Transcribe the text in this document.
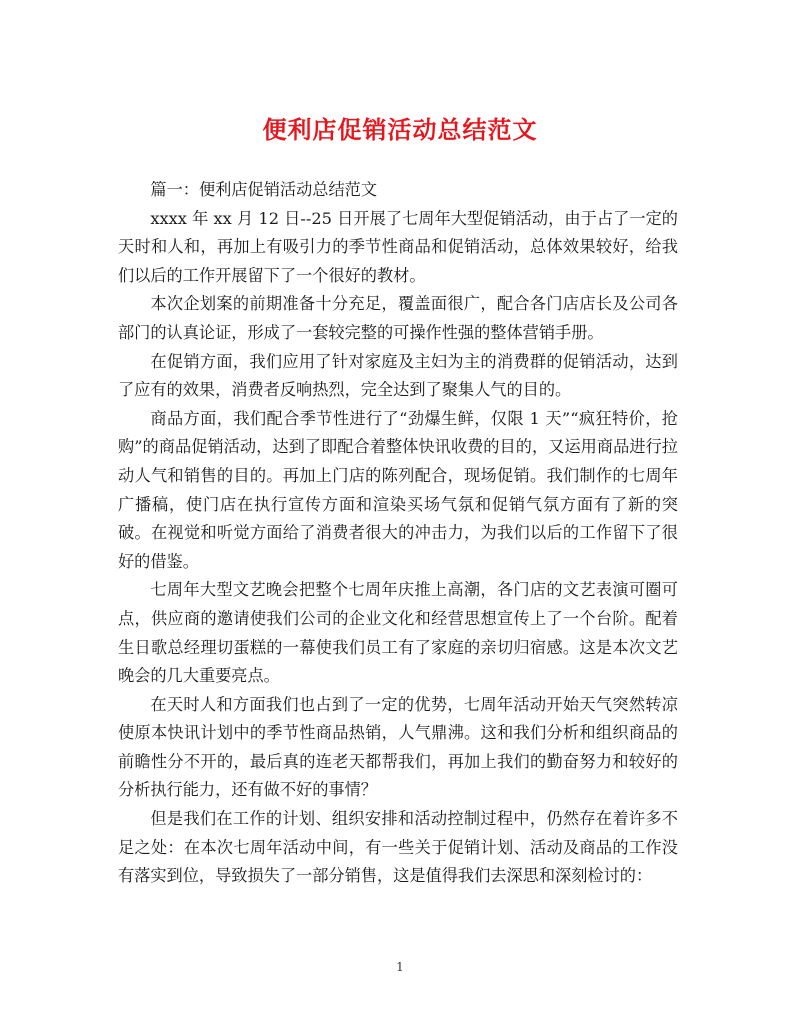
便利店促销活动总结范文

篇一：便利店促销活动总结范文

xxxx 年 xx 月 12 日--25 日开展了七周年大型促销活动，由于占了一定的天时和人和，再加上有吸引力的季节性商品和促销活动，总体效果较好，给我们以后的工作开展留下了一个很好的教材。

本次企划案的前期准备十分充足，覆盖面很广，配合各门店店长及公司各部门的认真论证，形成了一套较完整的可操作性强的整体营销手册。

在促销方面，我们应用了针对家庭及主妇为主的消费群的促销活动，达到了应有的效果，消费者反响热烈，完全达到了聚集人气的目的。

商品方面，我们配合季节性进行了“劲爆生鲜，仅限 1 天”“疯狂特价，抢购”的商品促销活动，达到了即配合着整体快讯收费的目的，又运用商品进行拉动人气和销售的目的。再加上门店的陈列配合，现场促销。我们制作的七周年广播稿，使门店在执行宣传方面和渲染买场气氛和促销气氛方面有了新的突破。在视觉和听觉方面给了消费者很大的冲击力，为我们以后的工作留下了很好的借鉴。

七周年大型文艺晚会把整个七周年庆推上高潮，各门店的文艺表演可圈可点，供应商的邀请使我们公司的企业文化和经营思想宣传上了一个台阶。配着生日歌总经理切蛋糕的一幕使我们员工有了家庭的亲切归宿感。这是本次文艺晚会的几大重要亮点。

在天时人和方面我们也占到了一定的优势，七周年活动开始天气突然转凉使原本快讯计划中的季节性商品热销，人气鼎沸。这和我们分析和组织商品的前瞻性分不开的，最后真的连老天都帮我们，再加上我们的勤奋努力和较好的分析执行能力，还有做不好的事情？

但是我们在工作的计划、组织安排和活动控制过程中，仍然存在着许多不足之处：在本次七周年活动中间，有一些关于促销计划、活动及商品的工作没有落实到位，导致损失了一部分销售，这是值得我们去深思和深刻检讨的：

1
